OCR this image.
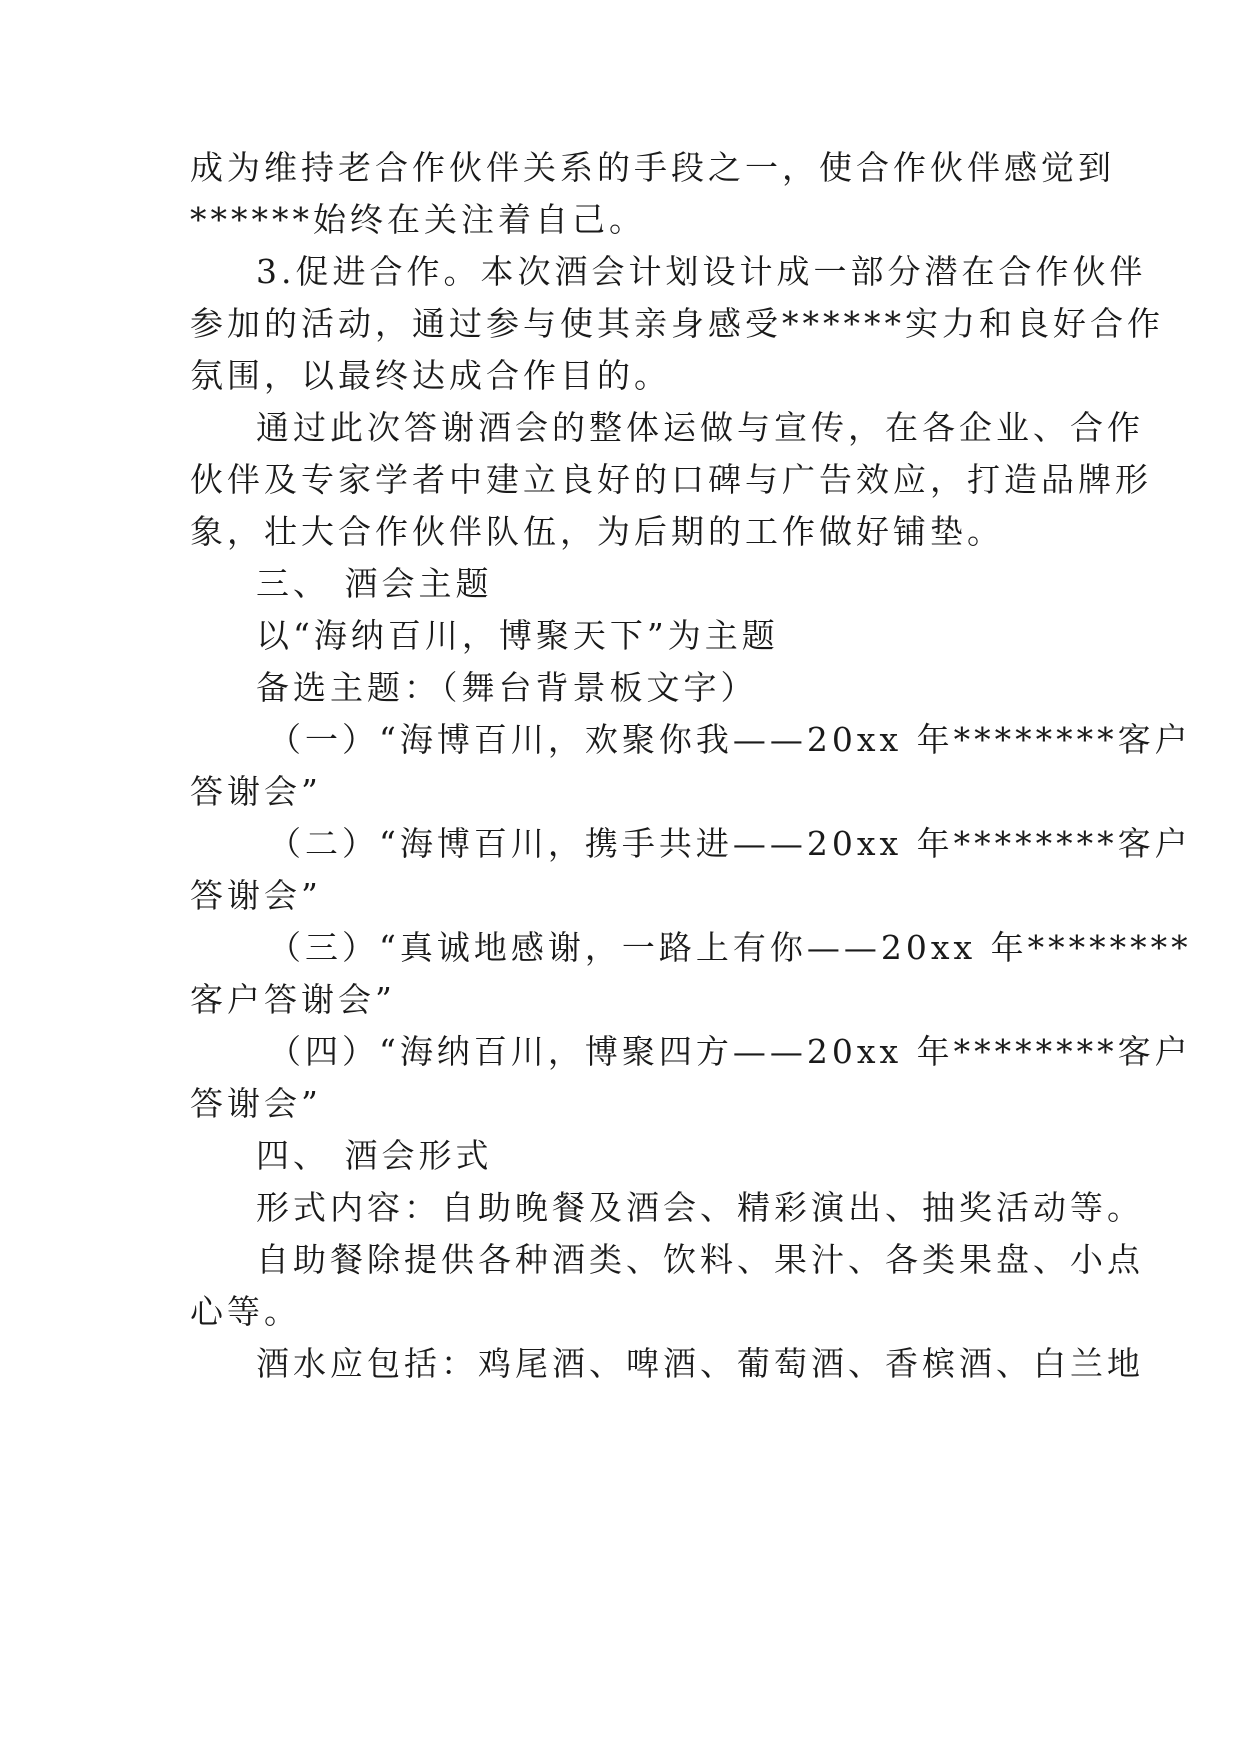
成为维持老合作伙伴关系的手段之一，使合作伙伴感觉到
******始终在关注着自己。
3.促进合作。本次酒会计划设计成一部分潜在合作伙伴
参加的活动，通过参与使其亲身感受******实力和良好合作
氛围，以最终达成合作目的。
通过此次答谢酒会的整体运做与宣传，在各企业、合作
伙伴及专家学者中建立良好的口碑与广告效应，打造品牌形
象，壮大合作伙伴队伍，为后期的工作做好铺垫。
三、 酒会主题
以“海纳百川，博聚天下”为主题
备选主题：（舞台背景板文字）
（一）“海博百川，欢聚你我——20xx 年********客户
答谢会”
（二）“海博百川，携手共进——20xx 年********客户
答谢会”
（三）“真诚地感谢，一路上有你——20xx 年********
客户答谢会”
（四）“海纳百川，博聚四方——20xx 年********客户
答谢会”
四、 酒会形式
形式内容：自助晚餐及酒会、精彩演出、抽奖活动等。
自助餐除提供各种酒类、饮料、果汁、各类果盘、小点
心等。
酒水应包括：鸡尾酒、啤酒、葡萄酒、香槟酒、白兰地
